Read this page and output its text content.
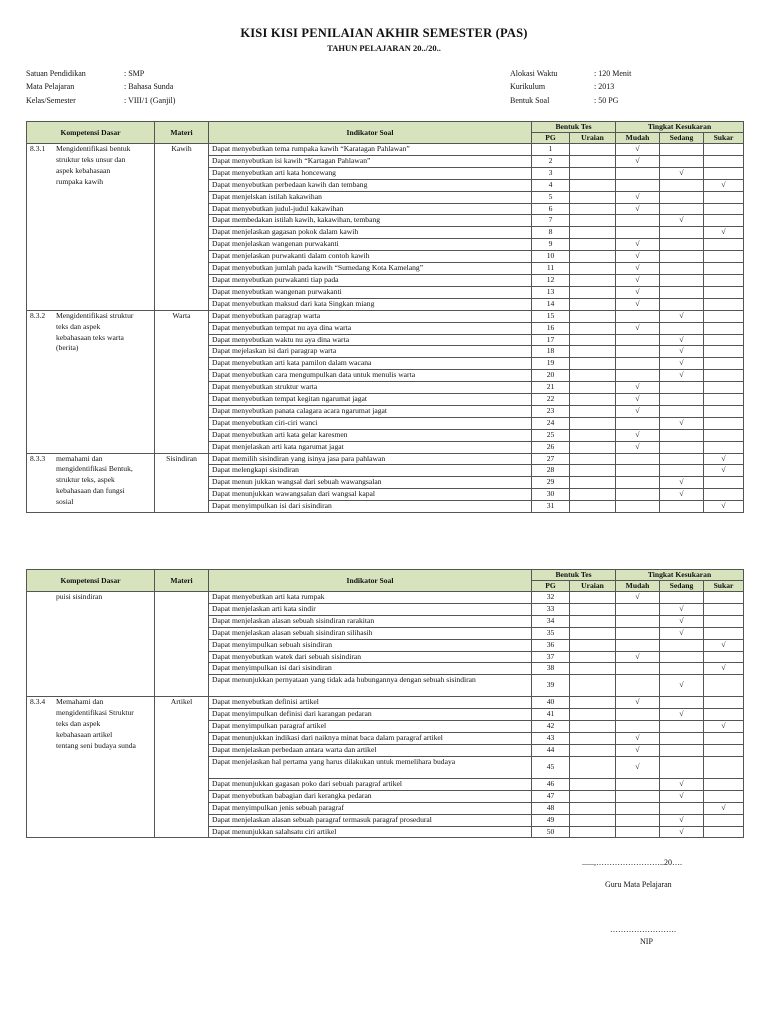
KISI KISI PENILAIAN AKHIR SEMESTER (PAS)
TAHUN PELAJARAN 20../20..
Satuan Pendidikan	: SMP
Mata Pelajaran	: Bahasa Sunda
Kelas/Semester	: VIII/1 (Ganjil)
Alokasi Waktu	: 120 Menit
Kurikulum	: 2013
Bentuk Soal	: 50 PG
Kompetensi Dasar	Materi	Indikator Soal	Bentuk Tes		Tingkat Kesukaran		
			PG	Uraian	Mudah	Sedang	Sukar
8.3.1 Mengidentifikasi bentuk struktur teks unsur dan aspek kebahasaan rumpaka kawih	Kawih	Dapat menyebutkan tema rumpaka kawih “Karatagan Pahlawan”	1		√		
		Dapat menyebutkan isi kawih “Kartagan Pahlawan”	2		√		
		Dapat menyebutkan arti kata honcewang	3			√	
		Dapat menyebutkan perbedaan kawih dan tembang	4				√
		Dapat menjelskan istilah kakawihan	5		√		
		Dapat menyebutkan judul-judul kakawihan	6		√		
		Dapat membedakan istilah kawih, kakawihan, tembang	7			√	
		Dapat menjelaskan gagasan pokok dalam kawih	8				√
		Dapat menjelaskan wangenan purwakanti	9		√		
		Dapat menjelaskan purwakanti dalam contoh kawih	10		√		
		Dapat menyebutkan jumlah pada kawih “Sumedang Kota Kamelang”	11		√		
		Dapat menyebutkan purwakanti tiap pada	12		√		
		Dapat menyebutkan wangenan purwakanti	13		√		
		Dapat menyebutkan maksud dari kata Singkan miang	14		√		
8.3.2 Mengidentifikasi struktur teks dan aspek kebahasaan teks warta (berita)	Warta	Dapat menyebutkan paragrap warta	15			√	
		Dapat menyebutkan tempat nu aya dina warta	16		√		
		Dapat menyebutkan waktu nu aya dina warta	17			√	
		Dapat mejelaskan isi dari paragrap warta	18			√	
		Dapat menyebutkan arti kata pamilon dalam wacana	19			√	
		Dapat menyebutkan cara mengumpulkan data untuk menulis warta	20			√	
		Dapat menyebutkan struktur warta	21		√		
		Dapat menyebutkan tempat kegitan ngarumat jagat	22		√		
		Dapat menyebutkan panata calagara acara ngarumat jagat	23		√		
		Dapat menyebutkan ciri-ciri wanci	24			√	
		Dapat menyebutkan arti kata gelar karesmen	25		√		
		Dapat menjelaskan arti kata ngarumat jagat	26		√		
8.3.3 memahami dan mengidentifikasi Bentuk, struktur teks, aspek kebahasaan dan fungsi sosial	Sisindiran	Dapat memilih sisindiran yang isinya jasa para pahlawan	27				√
		Dapat melengkapi sisindiran	28				√
		Dapat menun jukkan wangsal dari sebuah wawangsalan	29			√	
		Dapat menunjukkan wawangsalan dari wangsal kapal	30			√	
		Dapat menyimpulkan isi dari sisindiran	31				√
Kompetensi Dasar	Materi	Indikator Soal	Bentuk Tes		Tingkat Kesukaran		
			PG	Uraian	Mudah	Sedang	Sukar
puisi sisindiran		Dapat menyebutkan arti kata rumpak	32		√		
		Dapat menjelaskan arti kata sindir	33			√	
		Dapat menjelaskan alasan sebuah sisindiran rarakitan	34			√	
		Dapat menjelaskan alasan sebuah sisindiran silihasih	35			√	
		Dapat menyimpulkan sebuah sisindiran	36				√
		Dapat menyebutkan watek dari sebuah sisindiran	37		√		
		Dapat menyimpulkan isi dari sisindiran	38				√
		Dapat menunjukkan pernyataan yang tidak ada hubungannya dengan sebuah sisindiran	39			√	
8.3.4 Memahami dan mengidentifikasi Struktur teks dan aspek kebahasaan artikel tentang seni budaya sunda	Artikel	Dapat menyebutkan definisi artikel	40		√		
		Dapat menyimpulkan definisi dari karangan pedaran	41			√	
		Dapat menyimpulkan paragraf artikel	42				√
		Dapat menunjukkan indikasi dari naiknya minat baca dalam paragraf artikel	43		√		
		Dapat menjelaskan perbedaan antara warta dan artikel	44		√		
		Dapat menjelaskan hal pertama yang harus dilakukan untuk memelihara budaya	45		√		
		Dapat menunjukkan gagasan poko dari sebuah paragraf artikel	46			√	
		Dapat menyebutkan babagian dari kerangka pedaran	47			√	
		Dapat menyimpulkan jenis sebuah paragraf	48				√
		Dapat menjelaskan alasan sebuah paragraf termasuk paragraf prosedural	49			√	
		Dapat menunjukkan salahsatu ciri artikel	50			√	
......,……………………..20….
Guru Mata Pelajaran
…………………….
NIP
